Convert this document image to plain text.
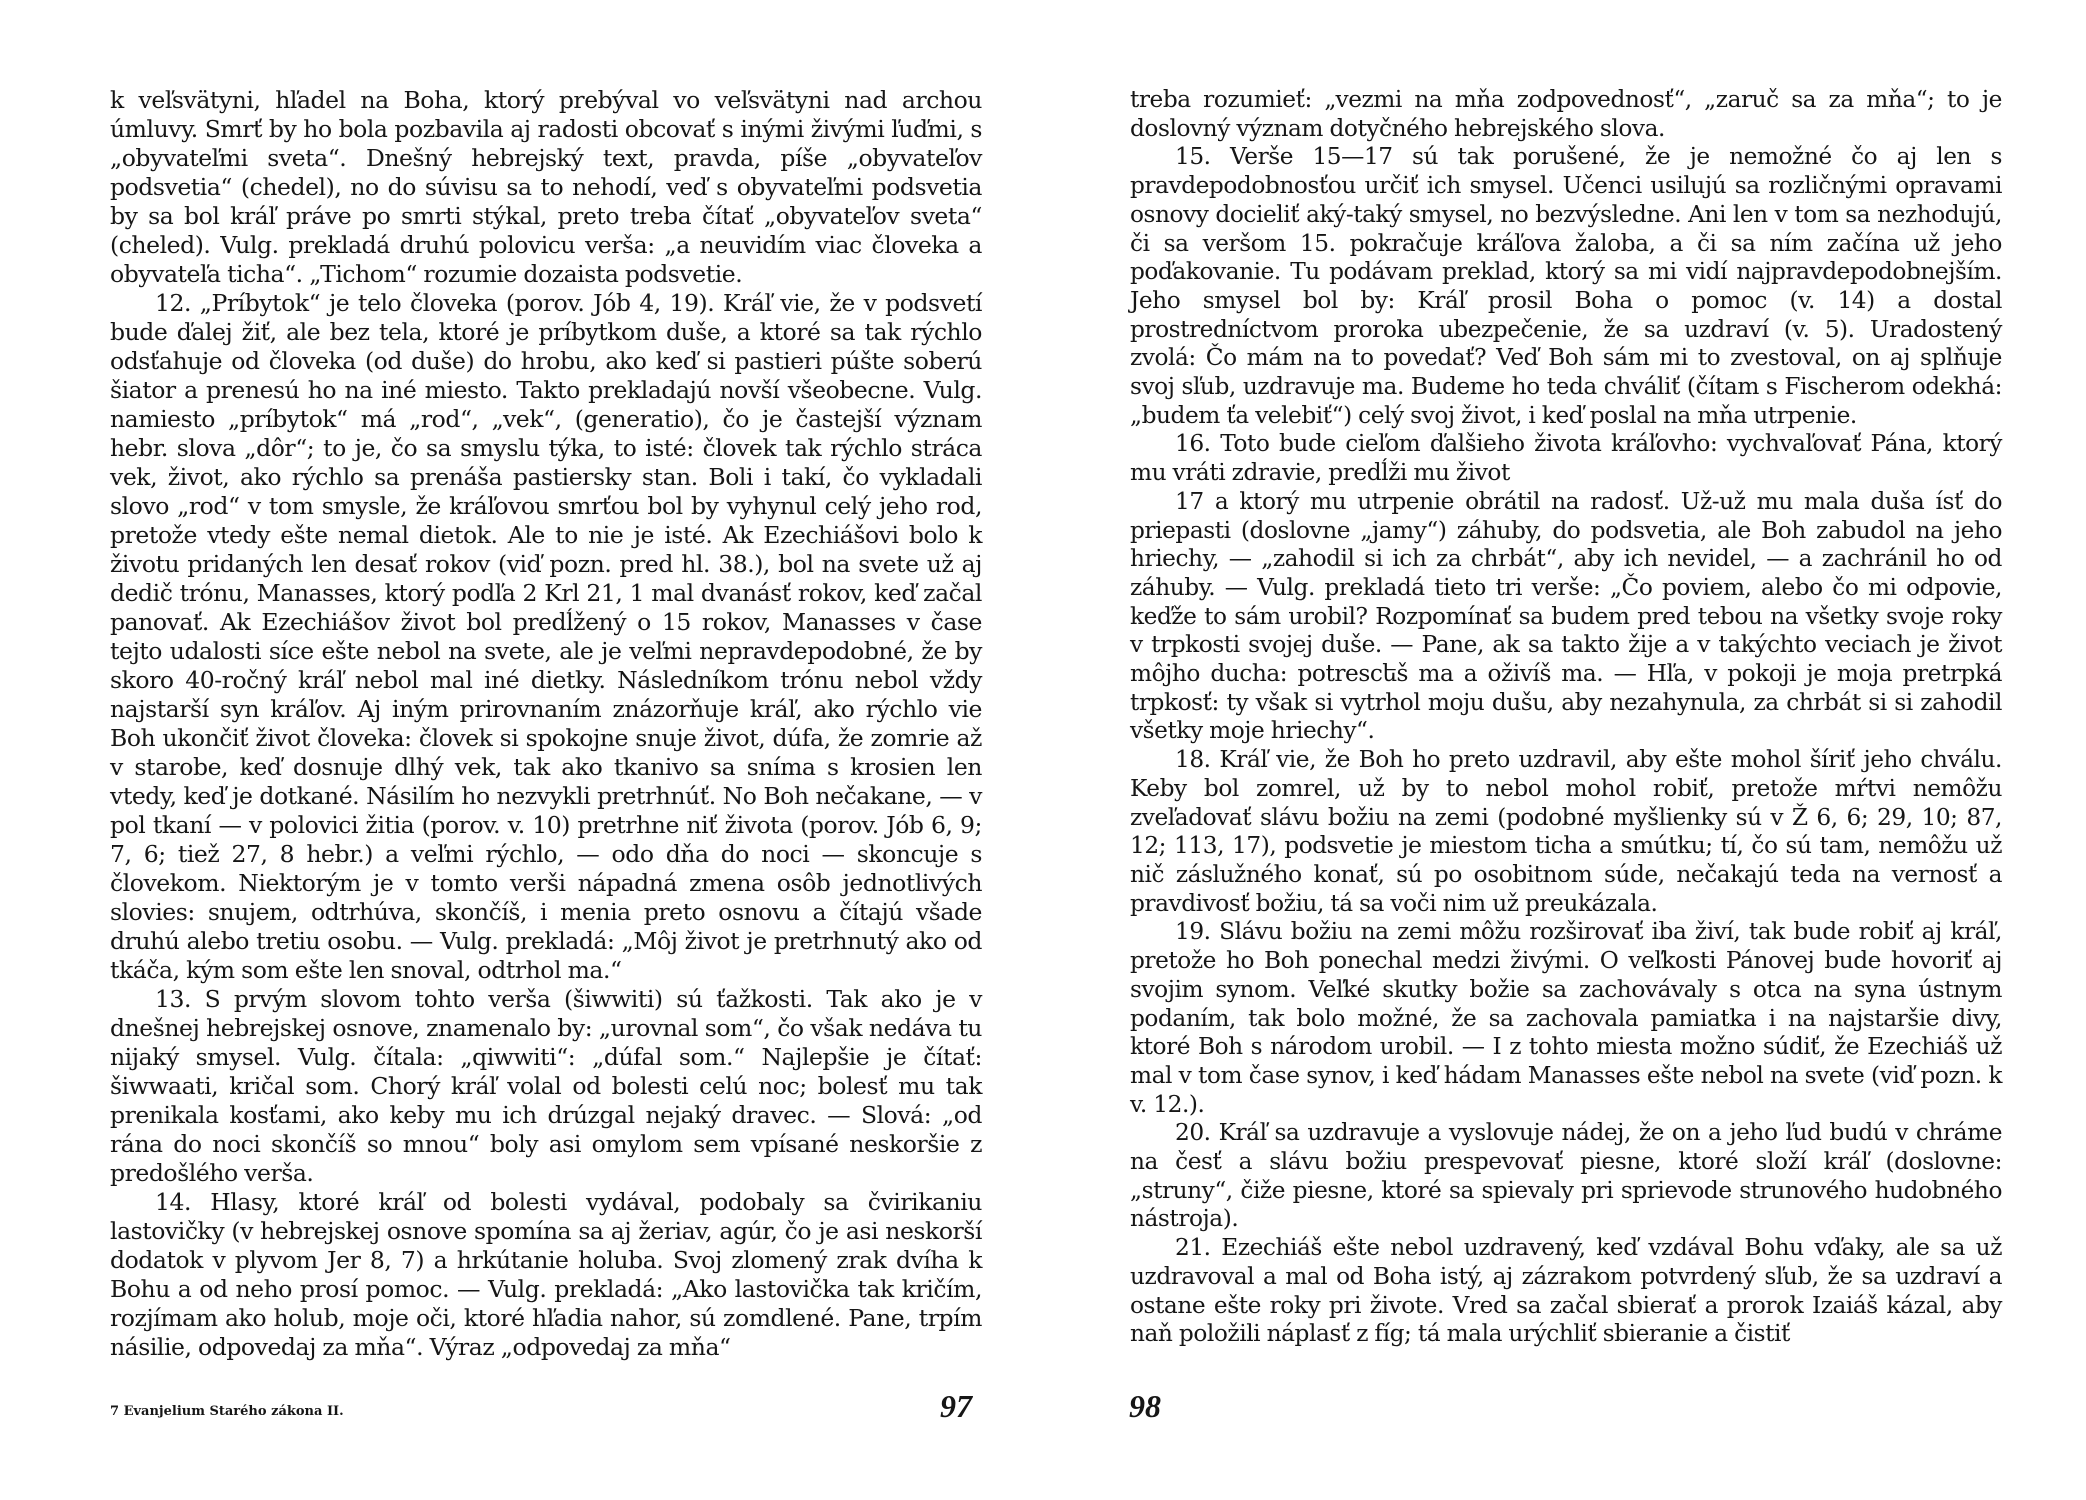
k veľsvätyni, hľadel na Boha, ktorý prebýval vo veľsvätyni nad archou úmluvy. Smrť by ho bola pozbavila aj radosti obcovať s inými živými ľuďmi, s „obyvateľmi sveta“. Dnešný hebrejský text, pravda, píše „obyvateľov podsvetia“ (chedel), no do súvisu sa to nehodí, veď s obyvateľmi podsvetia by sa bol kráľ práve po smrti stýkal, preto treba čítať „obyvateľov sveta“ (cheled). Vulg. prekladá druhú polovicu verša: „a neuvidím viac človeka a obyvateľa ticha“. „Tichom“ rozumie dozaista podsvetie.

12. „Príbytok“ je telo človeka (porov. Jób 4, 19). Kráľ vie, že v podsvetí bude ďalej žiť, ale bez tela, ktoré je príbytkom duše, a ktoré sa tak rýchlo odsťahuje od človeka (od duše) do hrobu, ako keď si pastieri púšte soberú šiator a prenesú ho na iné miesto. Takto prekladajú novší všeobecne. Vulg. namiesto „príbytok“ má „rod“, „vek“, (generatio), čo je častejší význam hebr. slova „dôr“; to je, čo sa smyslu týka, to isté: človek tak rýchlo stráca vek, život, ako rýchlo sa prenáša pastiersky stan. Boli i takí, čo vykladali slovo „rod“ v tom smysle, že kráľovou smrťou bol by vyhynul celý jeho rod, pretože vtedy ešte nemal dietok. Ale to nie je isté. Ak Ezechiášovi bolo k životu pridaných len desať rokov (viď pozn. pred hl. 38.), bol na svete už aj dedič trónu, Manasses, ktorý podľa 2 Krl 21, 1 mal dvanásť rokov, keď začal panovať. Ak Ezechiášov život bol predĺžený o 15 rokov, Manasses v čase tejto udalosti síce ešte nebol na svete, ale je veľmi nepravdepodobné, že by skoro 40-ročný kráľ nebol mal iné dietky. Následníkom trónu nebol vždy najstarší syn kráľov. Aj iným prirovnaním znázorňuje kráľ, ako rýchlo vie Boh ukončiť život človeka: človek si spokojne snuje život, dúfa, že zomrie až v starobe, keď dosnuje dlhý vek, tak ako tkanivo sa sníma s krosien len vtedy, keď je dotkané. Násilím ho nezvykli pretrhnúť. No Boh nečakane, — v pol tkaní — v polovici žitia (porov. v. 10) pretrhne niť života (porov. Jób 6, 9; 7, 6; tiež 27, 8 hebr.) a veľmi rýchlo, — odo dňa do noci — skoncuje s človekom. Niektorým je v tomto verši nápadná zmena osôb jednotlivých slovies: snujem, odtrhúva, skončíš, i menia preto osnovu a čítajú všade druhú alebo tretiu osobu. — Vulg. prekladá: „Môj život je pretrhnutý ako od tkáča, kým som ešte len snoval, odtrhol ma.“

13. S prvým slovom tohto verša (šiwwiti) sú ťažkosti. Tak ako je v dnešnej hebrejskej osnove, znamenalo by: „urovnal som“, čo však nedáva tu nijaký smysel. Vulg. čítala: „qiwwiti“: „dúfal som.“ Najlepšie je čítať: šiwwaati, kričal som. Chorý kráľ volal od bolesti celú noc; bolesť mu tak prenikala kosťami, ako keby mu ich drúzgal nejaký dravec. — Slová: „od rána do noci skončíš so mnou“ boly asi omylom sem vpísané neskoršie z predošlého verša.

14. Hlasy, ktoré kráľ od bolesti vydával, podobaly sa čvirikaniu lastovičky (v hebrejskej osnove spomína sa aj žeriav, agúr, čo je asi neskorší dodatok v plyvom Jer 8, 7) a hrkútanie holuba. Svoj zlomený zrak dvíha k Bohu a od neho prosí pomoc. — Vulg. prekladá: „Ako lastovička tak kričím, rozjímam ako holub, moje oči, ktoré hľadia nahor, sú zomdlené. Pane, trpím násilie, odpovedaj za mňa“. Výraz „odpovedaj za mňa“

7 Evanjelium Starého zákona II.	97

treba rozumieť: „vezmi na mňa zodpovednosť“, „zaruč sa za mňa“; to je doslovný význam dotyčného hebrejského slova.

15. Verše 15—17 sú tak porušené, že je nemožné čo aj len s pravdepodobnosťou určiť ich smysel. Učenci usilujú sa rozličnými opravami osnovy docieliť aký-taký smysel, no bezvýsledne. Ani len v tom sa nezhodujú, či sa veršom 15. pokračuje kráľova žaloba, a či sa ním začína už jeho poďakovanie. Tu podávam preklad, ktorý sa mi vidí najpravdepodobnejším. Jeho smysel bol by: Kráľ prosil Boha o pomoc (v. 14) a dostal prostredníctvom proroka ubezpečenie, že sa uzdraví (v. 5). Uradostený zvolá: Čo mám na to povedať? Veď Boh sám mi to zvestoval, on aj splňuje svoj sľub, uzdravuje ma. Budeme ho teda chváliť (čítam s Fischerom odekhá: „budem ťa velebiť“) celý svoj život, i keď poslal na mňa utrpenie.

16. Toto bude cieľom ďalšieho života kráľovho: vychvaľovať Pána, ktorý mu vráti zdravie, predĺži mu život

17 a ktorý mu utrpenie obrátil na radosť. Už-už mu mala duša ísť do priepasti (doslovne „jamy“) záhuby, do podsvetia, ale Boh zabudol na jeho hriechy, — „zahodil si ich za chrbát“, aby ich nevidel, — a zachránil ho od záhuby. — Vulg. prekladá tieto tri verše: „Čo poviem, alebo čo mi odpovie, keďže to sám urobil? Rozpomínať sa budem pred tebou na všetky svoje roky v trpkosti svojej duše. — Pane, ak sa takto žije a v takýchto veciach je život môjho ducha: potrescեš ma a oživíš ma. — Hľa, v pokoji je moja pretrpká trpkosť: ty však si vytrhol moju dušu, aby nezahynula, za chrbát si si zahodil všetky moje hriechy“.

18. Kráľ vie, že Boh ho preto uzdravil, aby ešte mohol šíriť jeho chválu. Keby bol zomrel, už by to nebol mohol robiť, pretože mŕtvi nemôžu zveľadovať slávu božiu na zemi (podobné myšlienky sú v Ž 6, 6; 29, 10; 87, 12; 113, 17), podsvetie je miestom ticha a smútku; tí, čo sú tam, nemôžu už nič záslužného konať, sú po osobitnom súde, nečakajú teda na vernosť a pravdivosť božiu, tá sa voči nim už preukázala.

19. Slávu božiu na zemi môžu rozširovať iba živí, tak bude robiť aj kráľ, pretože ho Boh ponechal medzi živými. O veľkosti Pánovej bude hovoriť aj svojim synom. Veľké skutky božie sa zachovávaly s otca na syna ústnym podaním, tak bolo možné, že sa zachovala pamiatka i na najstaršie divy, ktoré Boh s národom urobil. — I z tohto miesta možno súdiť, že Ezechiáš už mal v tom čase synov, i keď hádam Manasses ešte nebol na svete (viď pozn. k v. 12.).

20. Kráľ sa uzdravuje a vyslovuje nádej, že on a jeho ľud budú v chráme na česť a slávu božiu prespevovať piesne, ktoré složí kráľ (doslovne: „struny“, čiže piesne, ktoré sa spievaly pri sprievode strunového hudobného nástroja).

21. Ezechiáš ešte nebol uzdravený, keď vzdával Bohu vďaky, ale sa už uzdravoval a mal od Boha istý, aj zázrakom potvrdený sľub, že sa uzdraví a ostane ešte roky pri živote. Vred sa začal sbierať a prorok Izaiáš kázal, aby naň položili náplasť z fíg; tá mala urýchliť sbieranie a čistiť

98
